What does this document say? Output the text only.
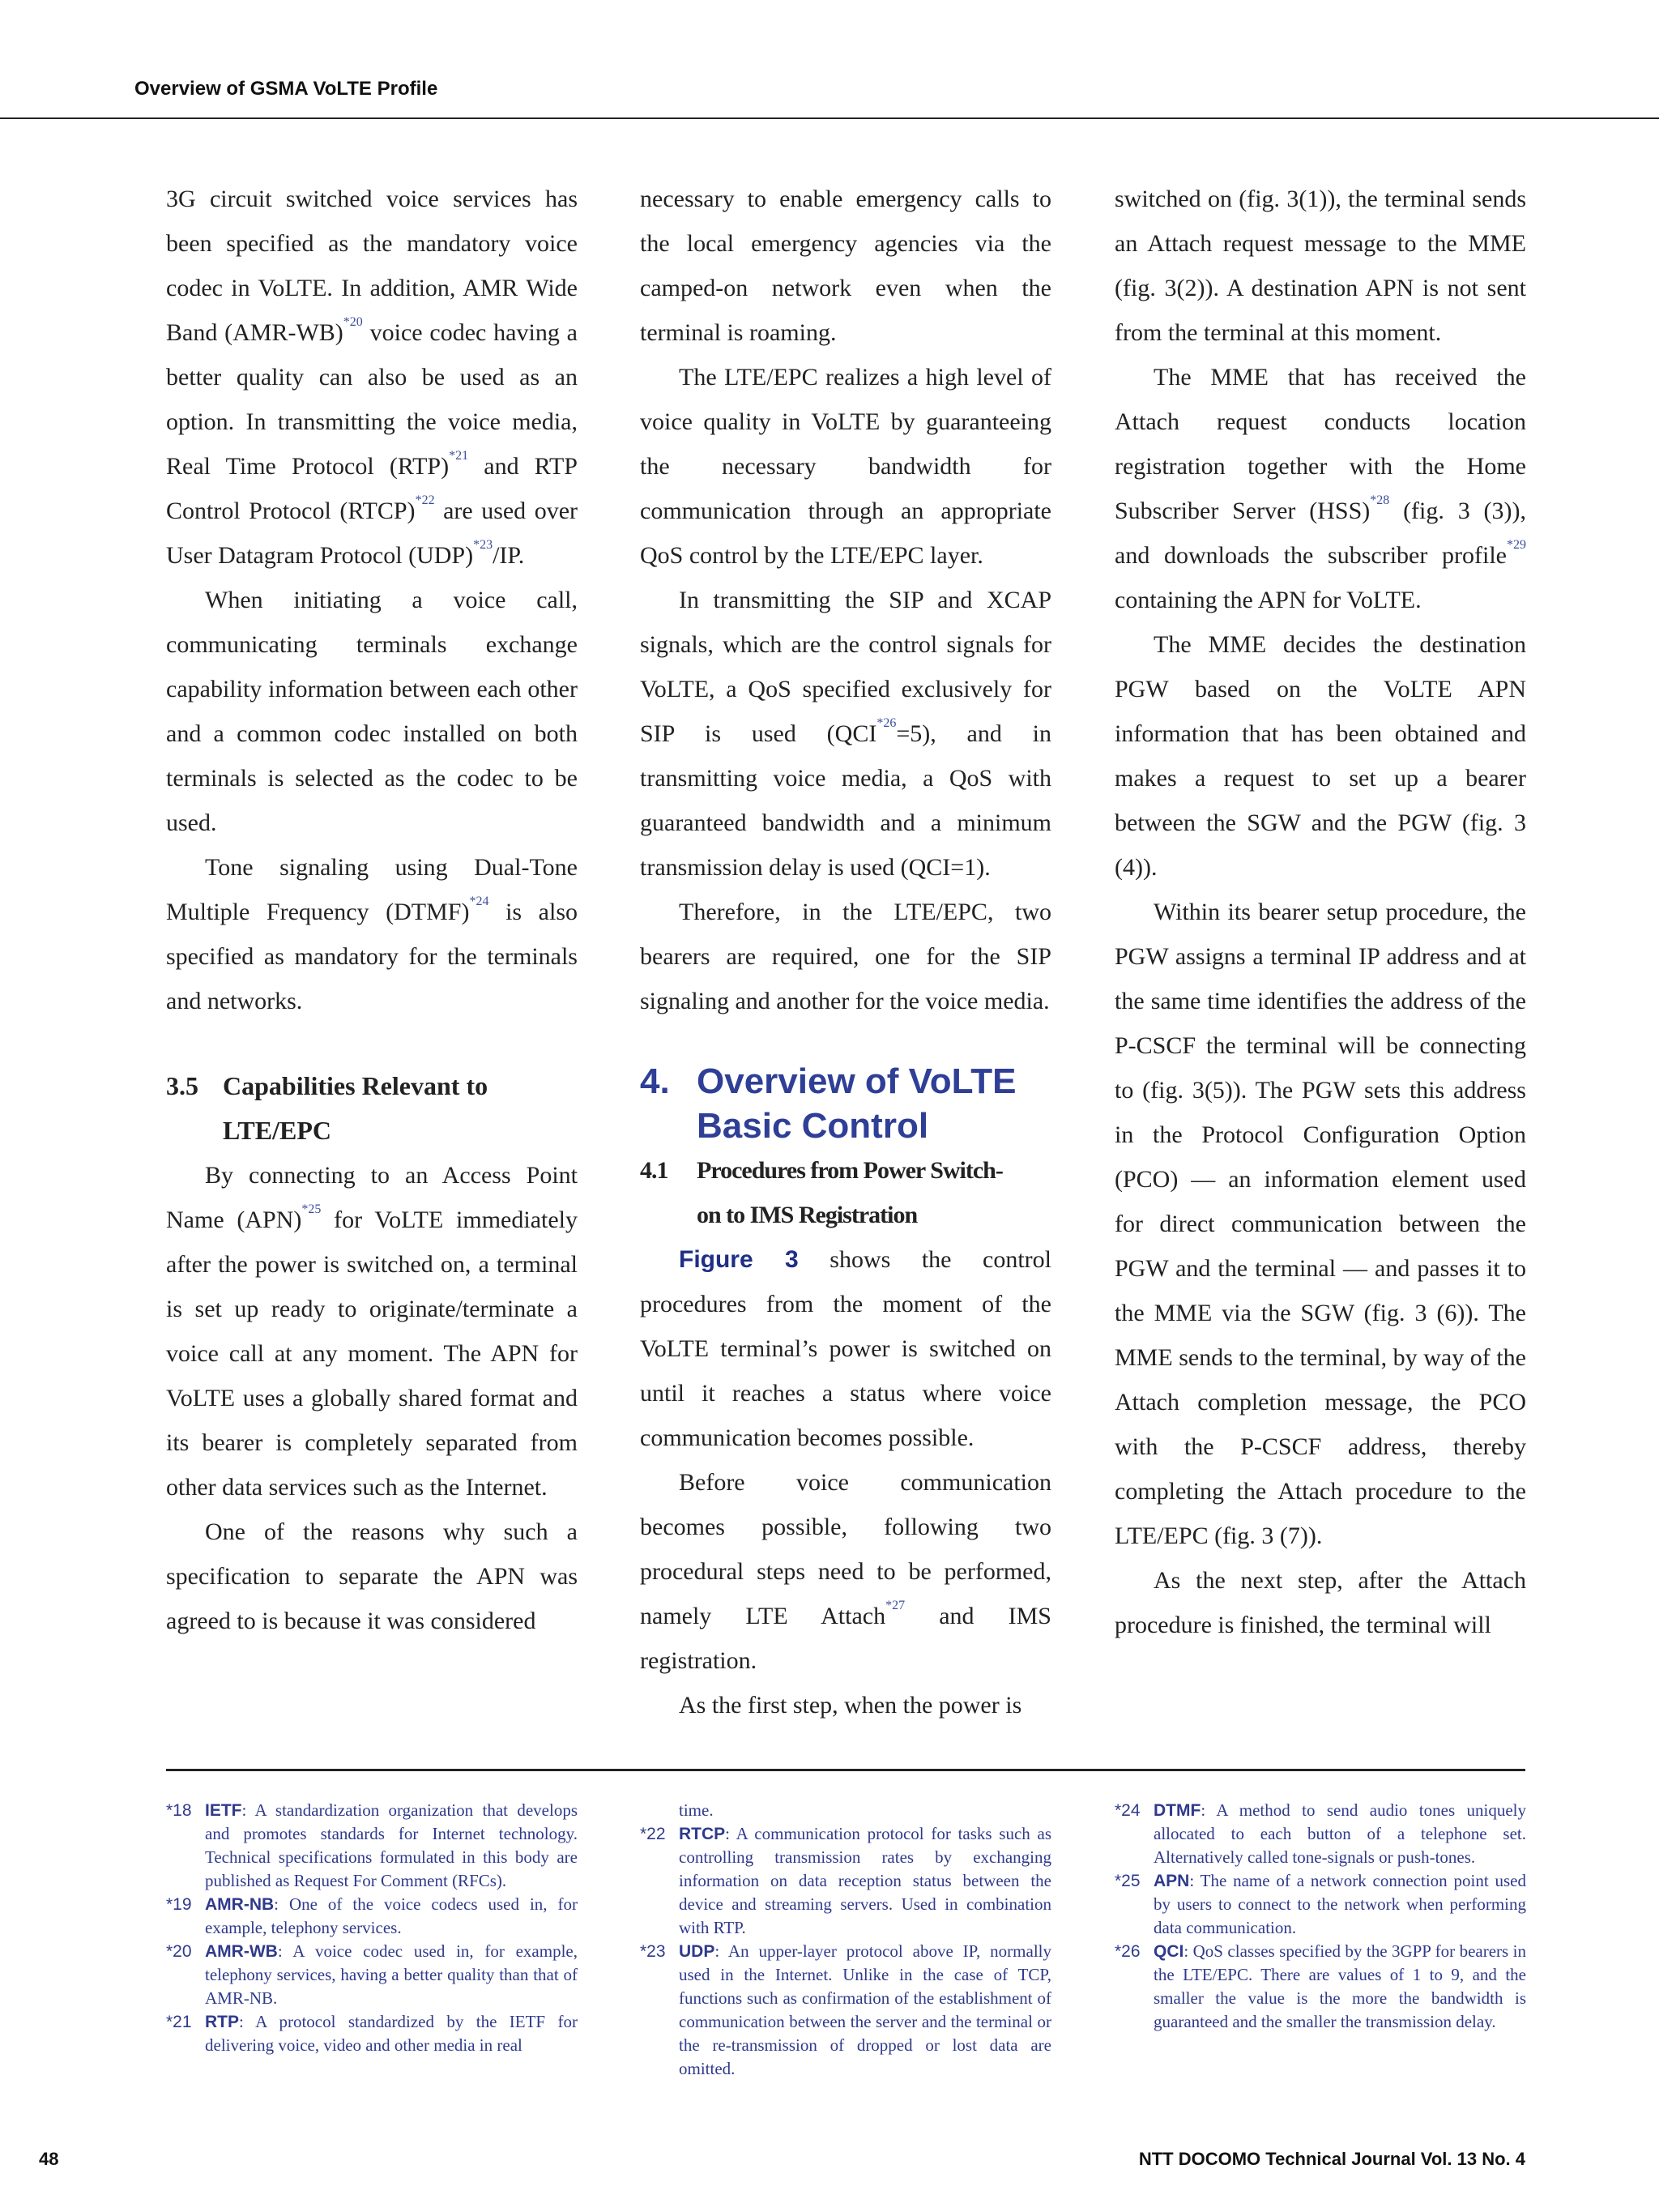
Overview of GSMA VoLTE Profile

3G circuit switched voice services has been specified as the mandatory voice codec in VoLTE. In addition, AMR Wide Band $(AMR-WB)^{*20}$ voice codec having a better quality can also be used as an option. In transmitting the voice media, Real Time Protocol (RTP)$^{*21}$ and RTP Control Protocol (RTCP)$^{*22}$ are used over User Datagram Protocol (UDP)$^{*23}$/IP.

When initiating a voice call, communicating terminals exchange capability information between each other and a common codec installed on both terminals is selected as the codec to be used.

Tone signaling using Dual-Tone Multiple Frequency (DTMF)$^{*24}$ is also specified as mandatory for the terminals and networks.

3.5 Capabilities Relevant to
LTE/EPC

By connecting to an Access Point Name (APN)$^{*25}$ for VoLTE immediately after the power is switched on, a terminal is set up ready to originate/terminate a voice call at any moment. The APN for VoLTE uses a globally shared format and its bearer is completely separated from other data services such as the Internet.

One of the reasons why such a specification to separate the APN was agreed to is because it was considered

necessary to enable emergency calls to the local emergency agencies via the camped-on network even when the terminal is roaming.

The LTE/EPC realizes a high level of voice quality in VoLTE by guaranteeing the necessary bandwidth for communication through an appropriate QoS control by the LTE/EPC layer.

In transmitting the SIP and XCAP signals, which are the control signals for VoLTE, a QoS specified exclusively for SIP is used $(QCI^{*26}=5)$, and in transmitting voice media, a QoS with guaranteed bandwidth and a minimum transmission delay is used (QCI=1).

Therefore, in the LTE/EPC, two bearers are required, one for the SIP signaling and another for the voice media.

4. Overview of VoLTE
Basic Control
4.1 Procedures from Power Switch-
on to IMS Registration

Figure 3 shows the control procedures from the moment of the VoLTE terminal’s power is switched on until it reaches a status where voice communication becomes possible.

Before voice communication becomes possible, following two procedural steps need to be performed, namely LTE Attach$^{*27}$ and IMS registration.

As the first step, when the power is

switched on (fig. 3(1)), the terminal sends an Attach request message to the MME (fig. 3(2)). A destination APN is not sent from the terminal at this moment.

The MME that has received the Attach request conducts location registration together with the Home Subscriber Server (HSS)$^{*28}$ (fig. 3 (3)), and downloads the subscriber profile$^{*29}$ containing the APN for VoLTE.

The MME decides the destination PGW based on the VoLTE APN information that has been obtained and makes a request to set up a bearer between the SGW and the PGW (fig. 3 (4)).

Within its bearer setup procedure, the PGW assigns a terminal IP address and at the same time identifies the address of the P-CSCF the terminal will be connecting to (fig. 3(5)). The PGW sets this address in the Protocol Configuration Option (PCO) — an information element used for direct communication between the PGW and the terminal — and passes it to the MME via the SGW (fig. 3 (6)). The MME sends to the terminal, by way of the Attach completion message, the PCO with the P-CSCF address, thereby completing the Attach procedure to the LTE/EPC (fig. 3 (7)).

As the next step, after the Attach procedure is finished, the terminal will

*18 IETF: A standardization organization that develops and promotes standards for Internet technology. Technical specifications formulated in this body are published as Request For Comment (RFCs).

*19 AMR-NB: One of the voice codecs used in, for example, telephony services.

*20 AMR-WB: A voice codec used in, for example, telephony services, having a better quality than that of AMR-NB.

*21 RTP: A protocol standardized by the IETF for delivering voice, video and other media in real

time.

*22 RTCP: A communication protocol for tasks such as controlling transmission rates by exchanging information on data reception status between the device and streaming servers. Used in combination with RTP.

*23 UDP: An upper-layer protocol above IP, normally used in the Internet. Unlike in the case of TCP, functions such as confirmation of the establishment of communication between the server and the terminal or the re-transmission of dropped or lost data are omitted.

*24 DTMF: A method to send audio tones uniquely allocated to each button of a telephone set. Alternatively called tone-signals or push-tones.

*25 APN: The name of a network connection point used by users to connect to the network when performing data communication.

*26 QCI: QoS classes specified by the 3GPP for bearers in the LTE/EPC. There are values of 1 to 9, and the smaller the value is the more the bandwidth is guaranteed and the smaller the transmission delay.

48	NTT DOCOMO Technical Journal Vol. 13 No. 4
